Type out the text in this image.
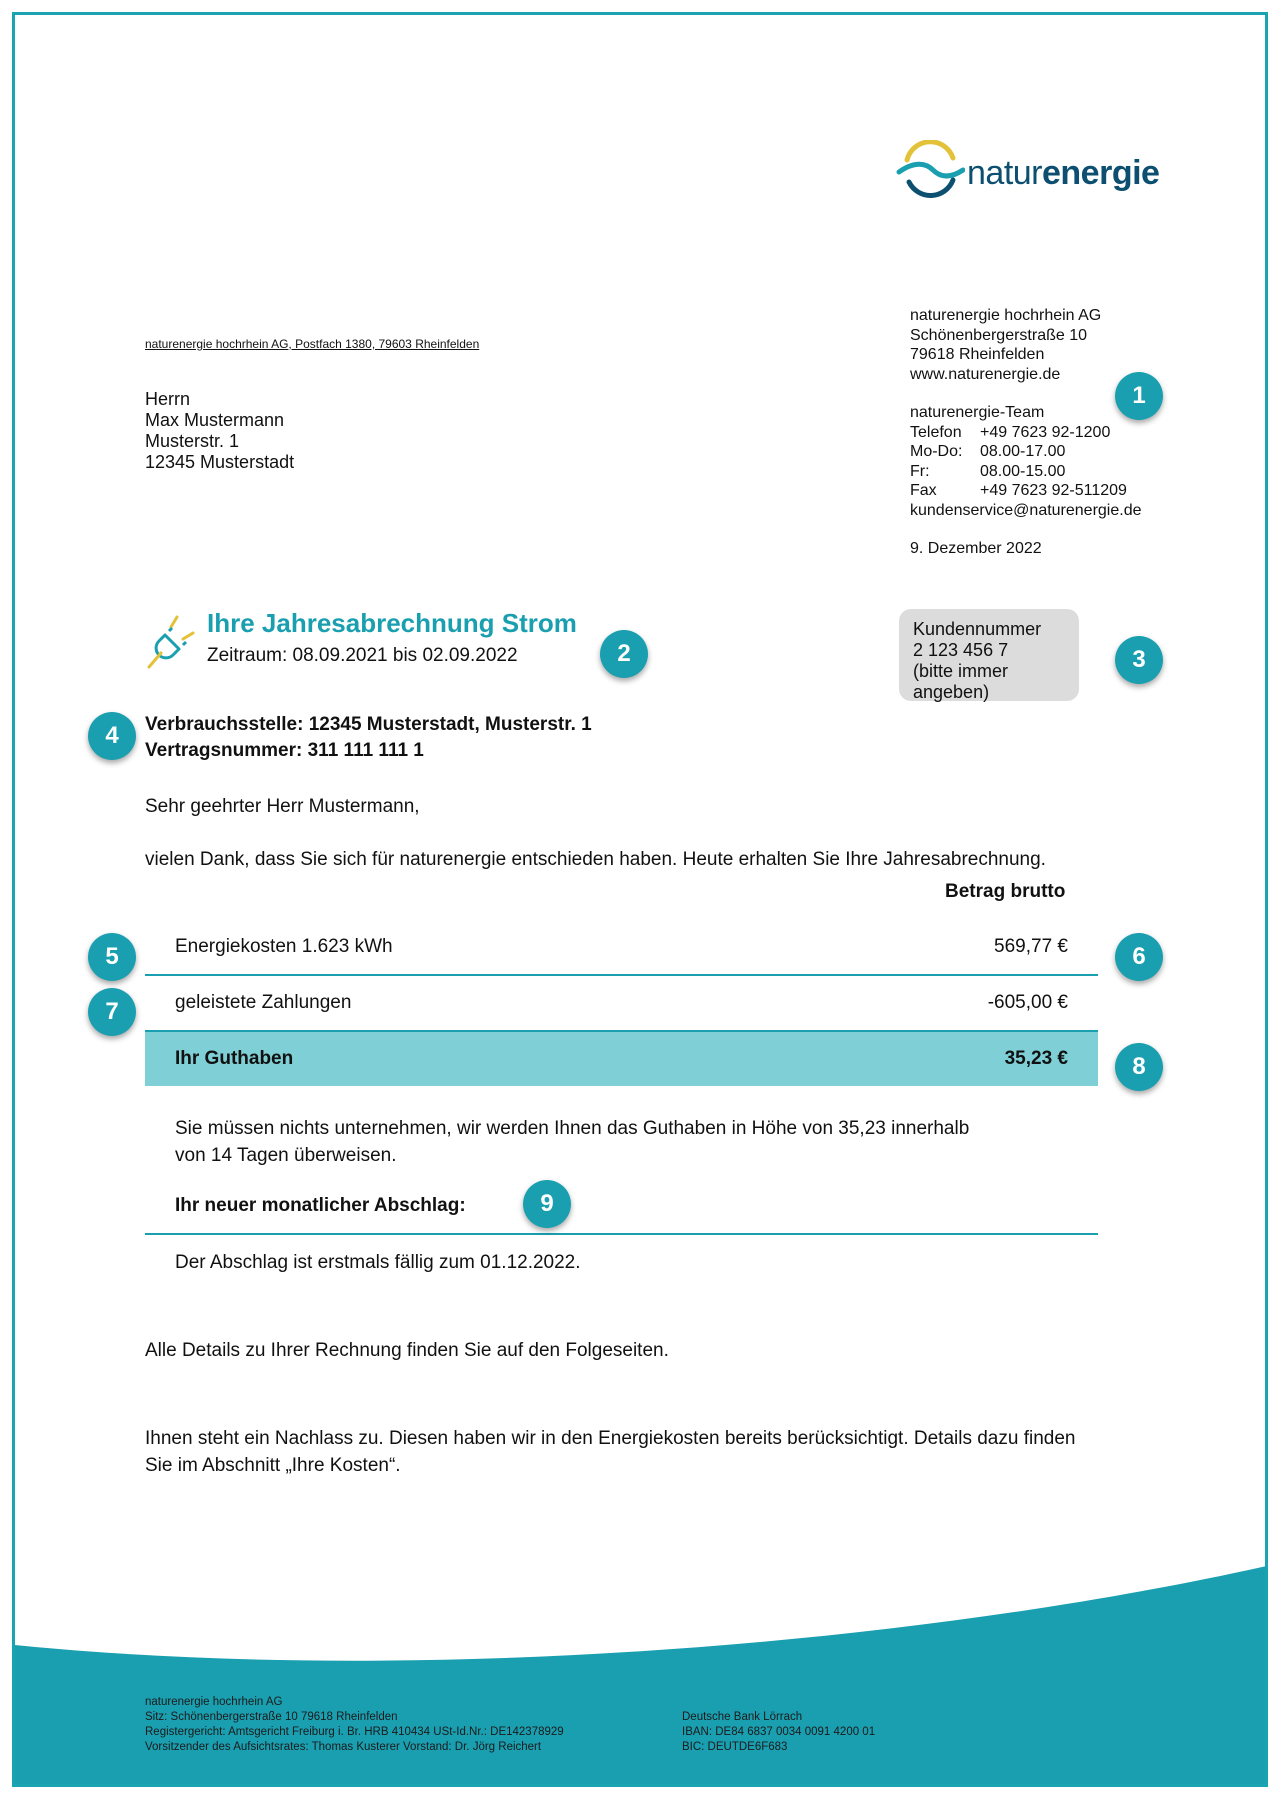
naturenergie
naturenergie hochrhein AG, Postfach 1380, 79603 Rheinfelden
Herrn
Max Mustermann
Musterstr. 1
12345 Musterstadt
naturenergie hochrhein AG
Schönenbergerstraße 10
79618 Rheinfelden
www.naturenergie.de
naturenergie-Team
Telefon +49 7623 92-1200
Mo-Do: 08.00-17.00
Fr:	08.00-15.00
Fax	+49 7623 92-511209
kundenservice@naturenergie.de
9. Dezember 2022
Ihre Jahresabrechnung Strom
Zeitraum: 08.09.2021 bis 02.09.2022
Kundennummer
2 123 456 7
(bitte immer angeben)
Verbrauchsstelle: 12345 Musterstadt, Musterstr. 1
Vertragsnummer: 311 111 111 1
Sehr geehrter Herr Mustermann,
vielen Dank, dass Sie sich für naturenergie entschieden haben. Heute erhalten Sie Ihre Jahresabrechnung.
Betrag brutto
Energiekosten 1.623 kWh	569,77 €
geleistete Zahlungen	-605,00 €
Ihr Guthaben	35,23 €
Sie müssen nichts unternehmen, wir werden Ihnen das Guthaben in Höhe von 35,23 innerhalb
von 14 Tagen überweisen.
Ihr neuer monatlicher Abschlag:
Der Abschlag ist erstmals fällig zum 01.12.2022.
Alle Details zu Ihrer Rechnung finden Sie auf den Folgeseiten.
Ihnen steht ein Nachlass zu. Diesen haben wir in den Energiekosten bereits berücksichtigt. Details dazu finden
Sie im Abschnitt „Ihre Kosten“.
1
2	3
4
5	6
7
8
9
naturenergie hochrhein AG
Sitz: Schönenbergerstraße 10 79618 Rheinfelden
Registergericht: Amtsgericht Freiburg i. Br. HRB 410434 USt-Id.Nr.: DE142378929
Vorsitzender des Aufsichtsrates: Thomas Kusterer Vorstand: Dr. Jörg Reichert
Deutsche Bank Lörrach
IBAN: DE84 6837 0034 0091 4200 01
BIC: DEUTDE6F683
